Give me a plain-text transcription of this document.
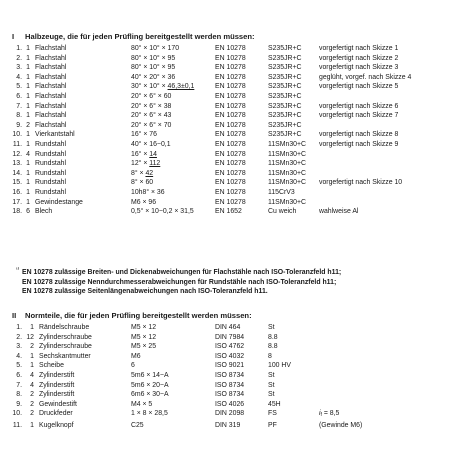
I Halbzeuge, die für jeden Prüfling bereitgestellt werden müssen:
1.	1	Flachstahl	80° × 10° × 170	EN 10278	S235JR+C	vorgefertigt nach Skizze 1
2.	1	Flachstahl	80° × 10° × 95	EN 10278	S235JR+C	vorgefertigt nach Skizze 2
3.	1	Flachstahl	80° × 10° × 95	EN 10278	S235JR+C	vorgefertigt nach Skizze 3
4.	1	Flachstahl	40° × 20° × 36	EN 10278	S235JR+C	geglüht, vorgef. nach Skizze 4
5.	1	Flachstahl	30° × 10° × 46,3±0,1	EN 10278	S235JR+C	vorgefertigt nach Skizze 5
6.	1	Flachstahl	20° × 6° × 60	EN 10278	S235JR+C	
7.	1	Flachstahl	20° × 6° × 38	EN 10278	S235JR+C	vorgefertigt nach Skizze 6
8.	1	Flachstahl	20° × 6° × 43	EN 10278	S235JR+C	vorgefertigt nach Skizze 7
9.	2	Flachstahl	20° × 6° × 70	EN 10278	S235JR+C	
10.	1	Vierkantstahl	16° × 76	EN 10278	S235JR+C	vorgefertigt nach Skizze 8
11.	1	Rundstahl	40° × 16−0,1	EN 10278	11SMn30+C	vorgefertigt nach Skizze 9
12.	4	Rundstahl	16° × 14	EN 10278	11SMn30+C	
13.	1	Rundstahl	12° × 112	EN 10278	11SMn30+C	
14.	1	Rundstahl	8° × 42	EN 10278	11SMn30+C	
15.	1	Rundstahl	8° × 60	EN 10278	11SMn30+C	vorgefertigt nach Skizze 10
16.	1	Rundstahl	10h8° × 36	EN 10278	115CrV3	
17.	1	Gewindestange	M6 × 96	EN 10278	11SMn30+C	
18.	6	Blech	0,5° × 10−0,2 × 31,5	EN 1652	Cu weich	wahlweise Al
¹⁾ EN 10278 zulässige Breiten- und Dickenabweichungen für Flachstähle nach ISO-Toleranzfeld h11;
EN 10278 zulässige Nenndurchmesserabweichungen für Rundstähle nach ISO-Toleranzfeld h11;
EN 10278 zulässige Seitenlängenabweichungen nach ISO-Toleranzfeld h11.
II Normteile, die für jeden Prüfling bereitgestellt werden müssen:
1.	1	Rändelschraube	M5 × 12	DIN 464	St	
2.	12	Zylinderschraube	M5 × 12	DIN 7984	8.8	
3.	2	Zylinderschraube	M5 × 25	ISO 4762	8.8	
4.	1	Sechskantmutter	M6	ISO 4032	8	
5.	1	Scheibe	6	ISO 9021	100 HV	
6.	4	Zylinderstift	5m6 × 14−A	ISO 8734	St	
7.	4	Zylinderstift	5m6 × 20−A	ISO 8734	St	
8.	2	Zylinderstift	6m6 × 30−A	ISO 8734	St	
9.	2	Gewindestift	M4 × 5	ISO 4026	45H	
10.	2	Druckfeder	1 × 8 × 28,5	DIN 2098	FS	$i_f = 8,5$
11.	1	Kugelknopf	C25	DIN 319	PF	(Gewinde M6)
